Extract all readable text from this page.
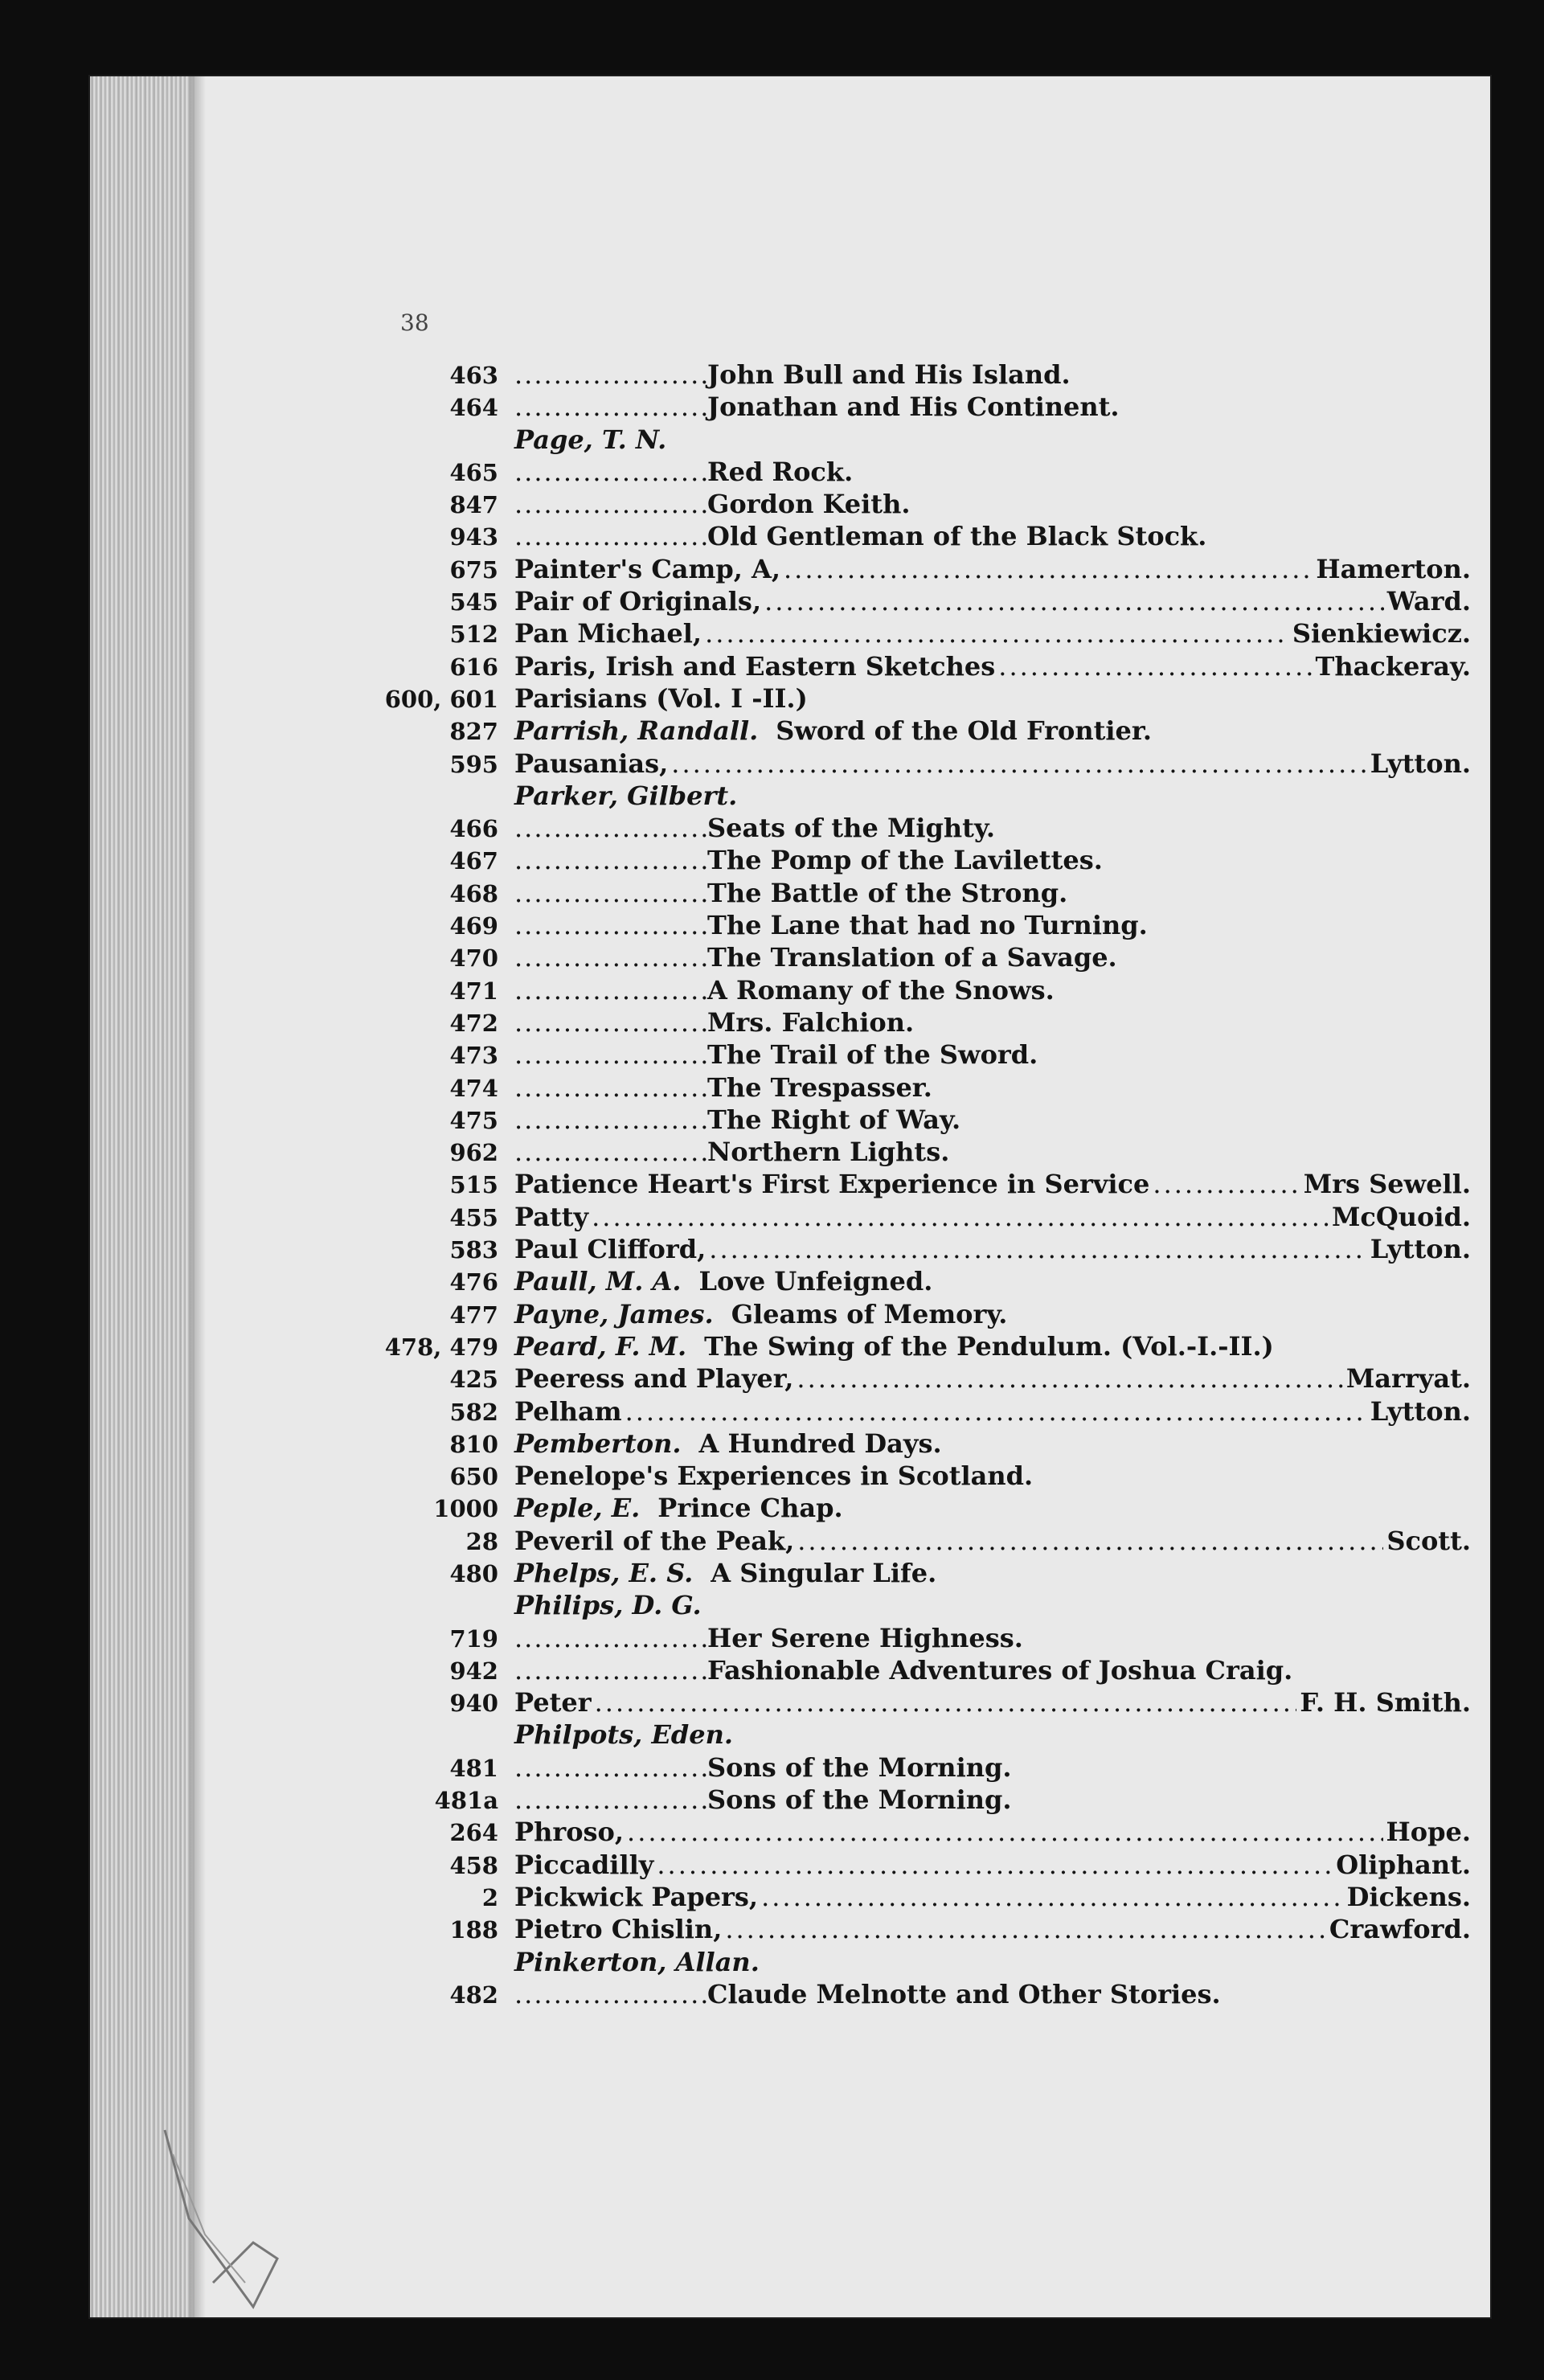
38
463 .....	John Bull and His Island.
464 .....	Jonathan and His Continent.
Page, T. N.
465 .....	Red Rock.
847 .....	Gordon Keith.
943 .....	Old Gentleman of the Black Stock.
675 Painter's Camp, A, .....	Hamerton.
545 Pair of Originals, .....	Ward.
512 Pan Michael, .....	Sienkiewicz.
616 Paris, Irish and Eastern Sketches .....	Thackeray.
600, 601 Parisians (Vol. I -II.)
827 Parrish, Randall. Sword of the Old Frontier.
595 Pausanias, .....	Lytton.
Parker, Gilbert.
466 .....	Seats of the Mighty.
467 .....	The Pomp of the Lavilettes.
468 .....	The Battle of the Strong.
469 .....	The Lane that had no Turning.
470 .....	The Translation of a Savage.
471 .....	A Romany of the Snows.
472 .....	Mrs. Falchion.
473 .....	The Trail of the Sword.
474 .....	The Trespasser.
475 .....	The Right of Way.
962 .....	Northern Lights.
515 Patience Heart's First Experience in Service .....	Mrs Sewell.
455 Patty .....	McQuoid.
583 Paul Clifford, .....	Lytton.
476 Paull, M. A. Love Unfeigned.
477 Payne, James. Gleams of Memory.
478, 479 Peard, F. M. The Swing of the Pendulum. (Vol.-I.-II.)
425 Peeress and Player, .....	Marryat.
582 Pelham .....	Lytton.
810 Pemberton. A Hundred Days.
650 Penelope's Experiences in Scotland.
1000 Peple, E. Prince Chap.
28 Peveril of the Peak, .....	Scott.
480 Phelps, E. S. A Singular Life.
Philips, D. G.
719 .....	Her Serene Highness.
942 .....	Fashionable Adventures of Joshua Craig.
940 Peter .....	F. H. Smith.
Philpots, Eden.
481 .....	Sons of the Morning.
481a .....	Sons of the Morning.
264 Phroso, .....	Hope.
458 Piccadilly .....	Oliphant.
2 Pickwick Papers, .....	Dickens.
188 Pietro Chislin, .....	Crawford.
Pinkerton, Allan.
482 .....	Claude Melnotte and Other Stories.
